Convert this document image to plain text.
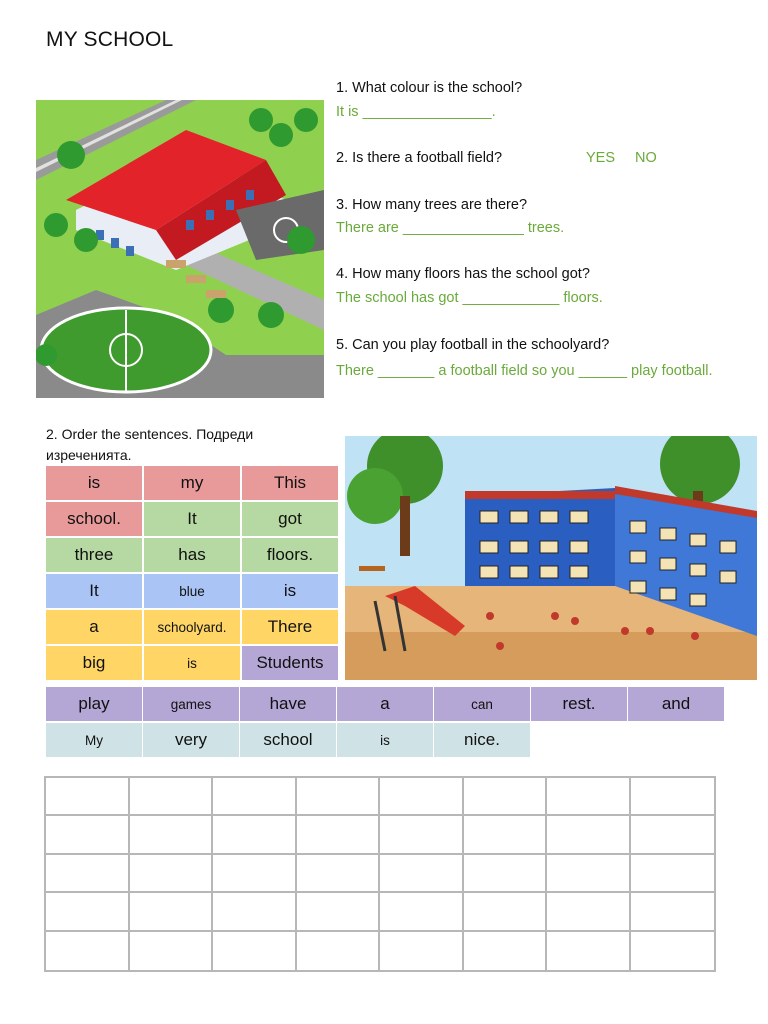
MY SCHOOL
1. What colour is the school?
It is ________________.
2. Is there a football field?	YES NO
3. How many trees are there?
There are _______________ trees.
4. How many floors has the school got?
The school has got ____________ floors.
5. Can you play football in the schoolyard?
There _______ a football field so you ______ play football.
2. Order the sentences. Подреди изреченията.
is	my	This
school.	It	got
three	has	floors.
It	blue	is
a	schoolyard.	There
big	is	Students
play	games	have	a	can	rest.	and
My	very	school	is	nice.
